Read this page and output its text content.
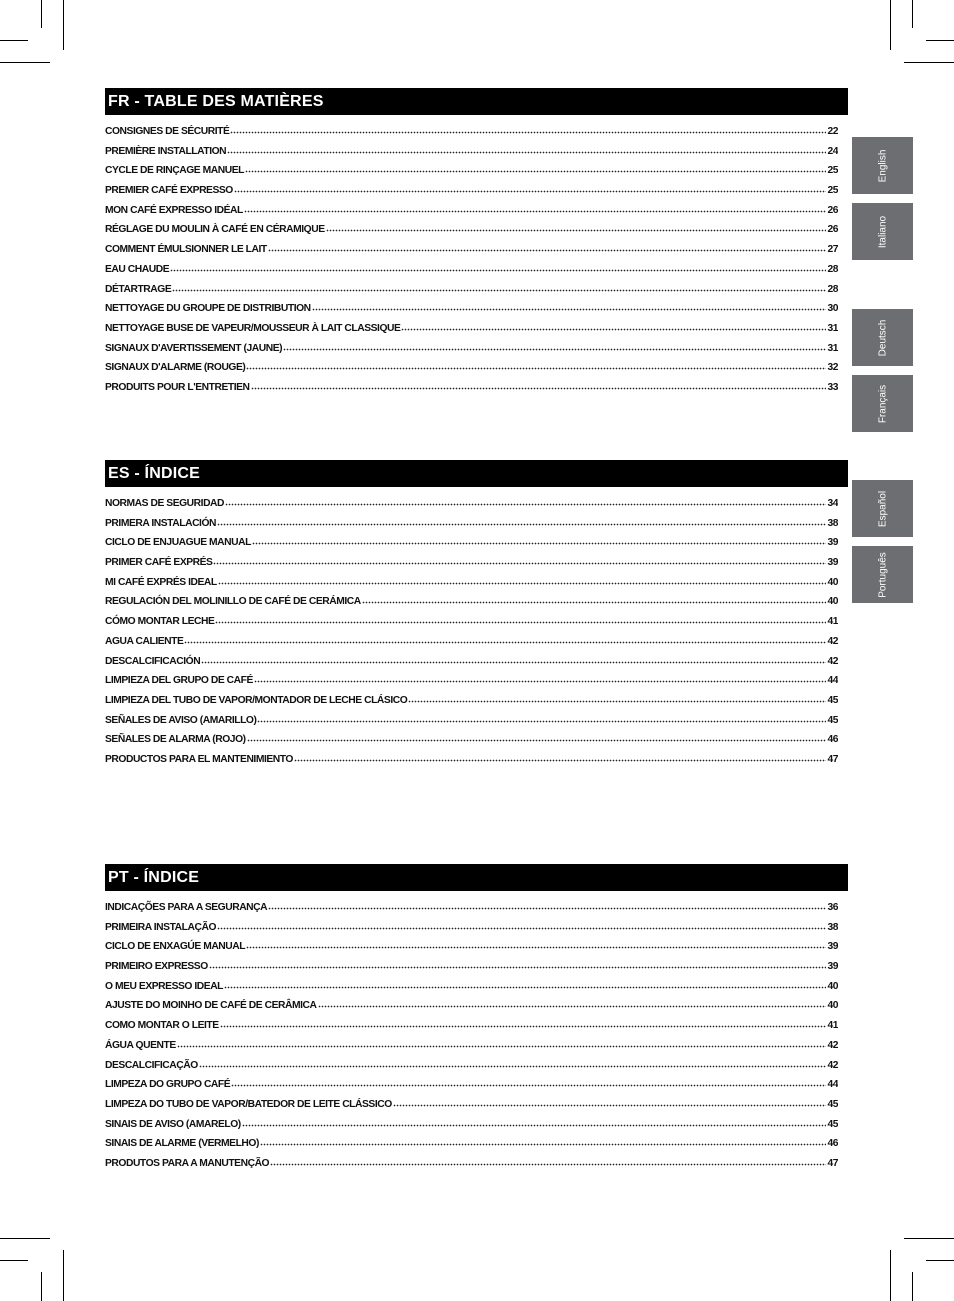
FR - TABLE DES MATIÈRES
CONSIGNES DE SÉCURITÉ	22
PREMIÈRE INSTALLATION	24
CYCLE DE RINÇAGE MANUEL	25
PREMIER CAFÉ EXPRESSO	25
MON CAFÉ EXPRESSO IDÉAL	26
RÉGLAGE DU MOULIN À CAFÉ EN CÉRAMIQUE	26
COMMENT ÉMULSIONNER LE LAIT	27
EAU CHAUDE	28
DÉTARTRAGE	28
NETTOYAGE DU GROUPE DE DISTRIBUTION	30
NETTOYAGE BUSE DE VAPEUR/MOUSSEUR À LAIT CLASSIQUE	31
SIGNAUX D'AVERTISSEMENT (JAUNE)	31
SIGNAUX D'ALARME (ROUGE)	32
PRODUITS POUR L'ENTRETIEN	33
ES - ÍNDICE
NORMAS DE SEGURIDAD	34
PRIMERA INSTALACIÓN	38
CICLO DE ENJUAGUE MANUAL	39
PRIMER CAFÉ EXPRÉS	39
MI CAFÉ EXPRÉS IDEAL	40
REGULACIÓN DEL MOLINILLO DE CAFÉ DE CERÁMICA	40
CÓMO MONTAR LECHE	41
AGUA CALIENTE	42
DESCALCIFICACIÓN	42
LIMPIEZA DEL GRUPO DE CAFÉ	44
LIMPIEZA DEL TUBO DE VAPOR/MONTADOR DE LECHE CLÁSICO	45
SEÑALES DE AVISO (AMARILLO)	45
SEÑALES DE ALARMA (ROJO)	46
PRODUCTOS PARA EL MANTENIMIENTO	47
PT - ÍNDICE
INDICAÇÕES PARA A SEGURANÇA	36
PRIMEIRA INSTALAÇÃO	38
CICLO DE ENXAGÚE MANUAL	39
PRIMEIRO EXPRESSO	39
O MEU EXPRESSO IDEAL	40
AJUSTE DO MOINHO DE CAFÉ DE CERÂMICA	40
COMO MONTAR O LEITE	41
ÁGUA QUENTE	42
DESCALCIFICAÇÃO	42
LIMPEZA DO GRUPO CAFÉ	44
LIMPEZA DO TUBO DE VAPOR/BATEDOR DE LEITE CLÁSSICO	45
SINAIS DE AVISO (AMARELO)	45
SINAIS DE ALARME (VERMELHO)	46
PRODUTOS PARA A MANUTENÇÃO	47
English
Italiano
Deutsch
Français
Español
Português
